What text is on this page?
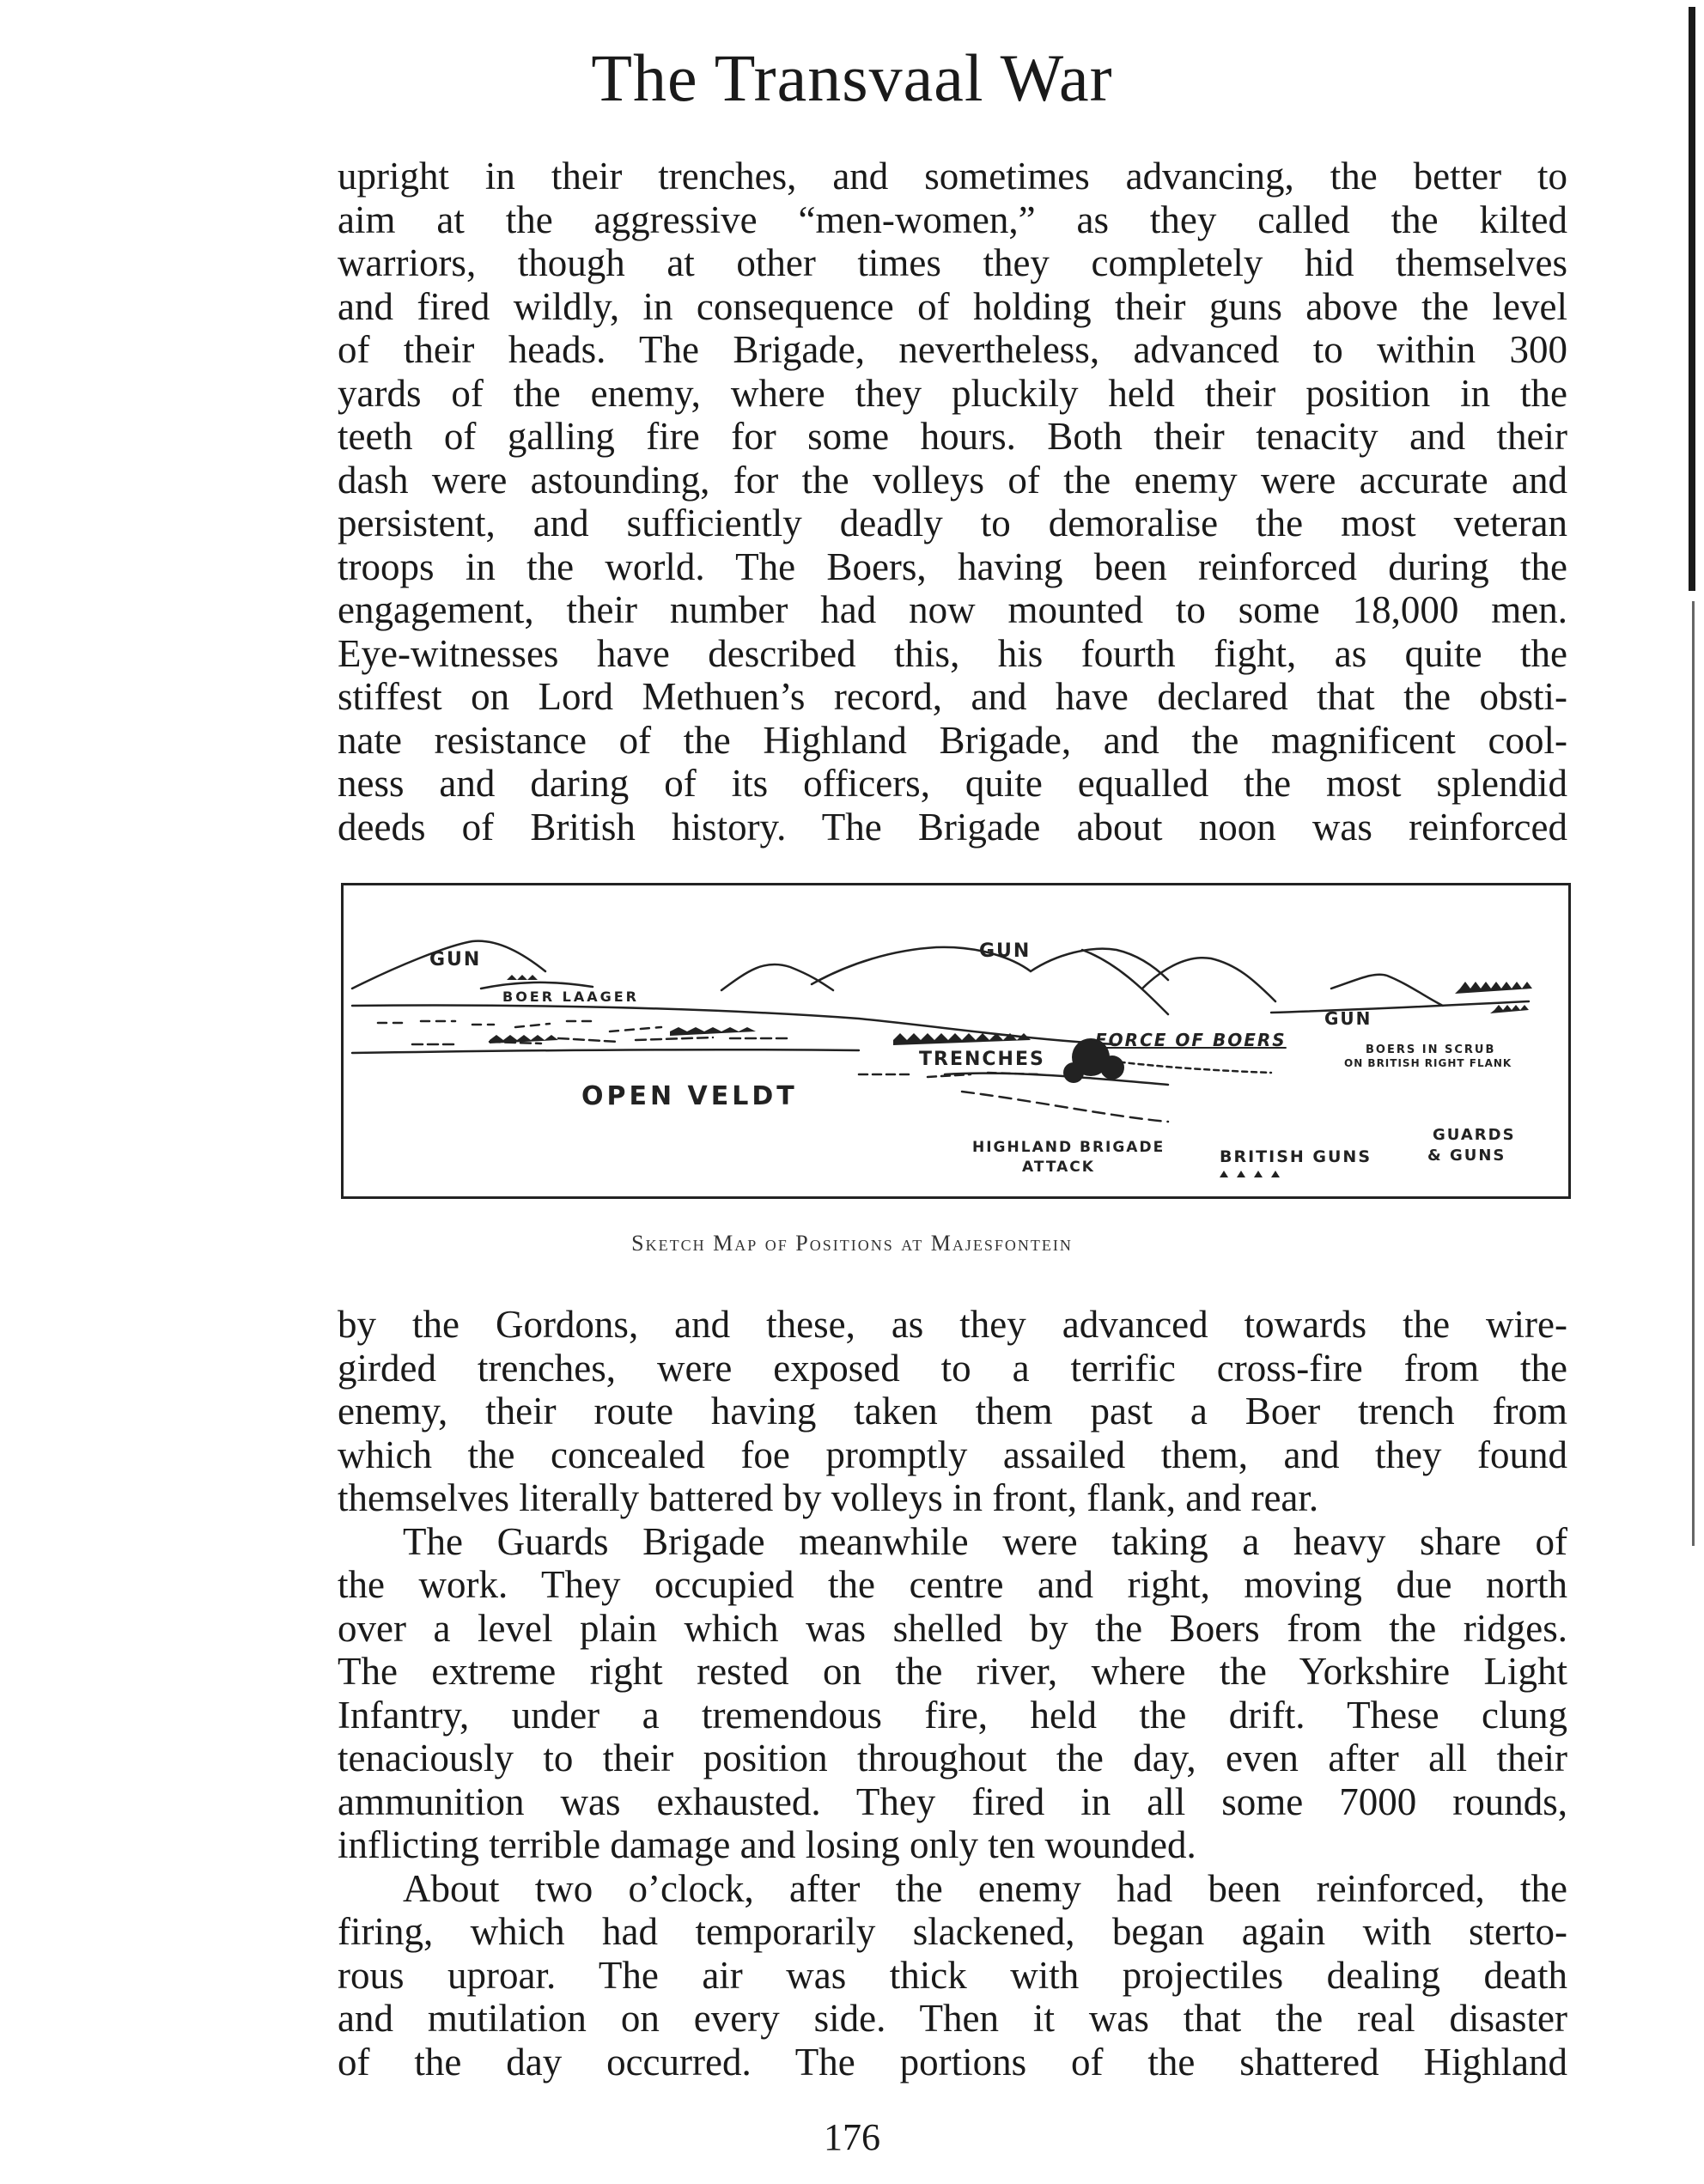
The Transvaal War
upright in their trenches, and sometimes advancing, the better to
aim at the aggressive “men-women,” as they called the kilted
warriors, though at other times they completely hid themselves
and fired wildly, in consequence of holding their guns above the level
of their heads. The Brigade, nevertheless, advanced to within 300
yards of the enemy, where they pluckily held their position in the
teeth of galling fire for some hours. Both their tenacity and their
dash were astounding, for the volleys of the enemy were accurate and
persistent, and sufficiently deadly to demoralise the most veteran
troops in the world. The Boers, having been reinforced during the
engagement, their number had now mounted to some 18,000 men.
Eye-witnesses have described this, his fourth fight, as quite the
stiffest on Lord Methuen’s record, and have declared that the obsti-
nate resistance of the Highland Brigade, and the magnificent cool-
ness and daring of its officers, quite equalled the most splendid
deeds of British history. The Brigade about noon was reinforced
GUN	GUN
GUN
BOER LAAGER
FORCE OF BOERS
TRENCHES
OPEN VELDT
BOERS IN SCRUB
ON BRITISH RIGHT FLANK
HIGHLAND BRIGADE
ATTACK
BRITISH GUNS
GUARDS
& GUNS
Sketch Map of Positions at Majesfontein
by the Gordons, and these, as they advanced towards the wire-
girded trenches, were exposed to a terrific cross-fire from the
enemy, their route having taken them past a Boer trench from
which the concealed foe promptly assailed them, and they found
themselves literally battered by volleys in front, flank, and rear.
The Guards Brigade meanwhile were taking a heavy share of
the work. They occupied the centre and right, moving due north
over a level plain which was shelled by the Boers from the ridges.
The extreme right rested on the river, where the Yorkshire Light
Infantry, under a tremendous fire, held the drift. These clung
tenaciously to their position throughout the day, even after all their
ammunition was exhausted. They fired in all some 7000 rounds,
inflicting terrible damage and losing only ten wounded.
About two o’clock, after the enemy had been reinforced, the
firing, which had temporarily slackened, began again with sterto-
rous uproar. The air was thick with projectiles dealing death
and mutilation on every side. Then it was that the real disaster
of the day occurred. The portions of the shattered Highland
176
